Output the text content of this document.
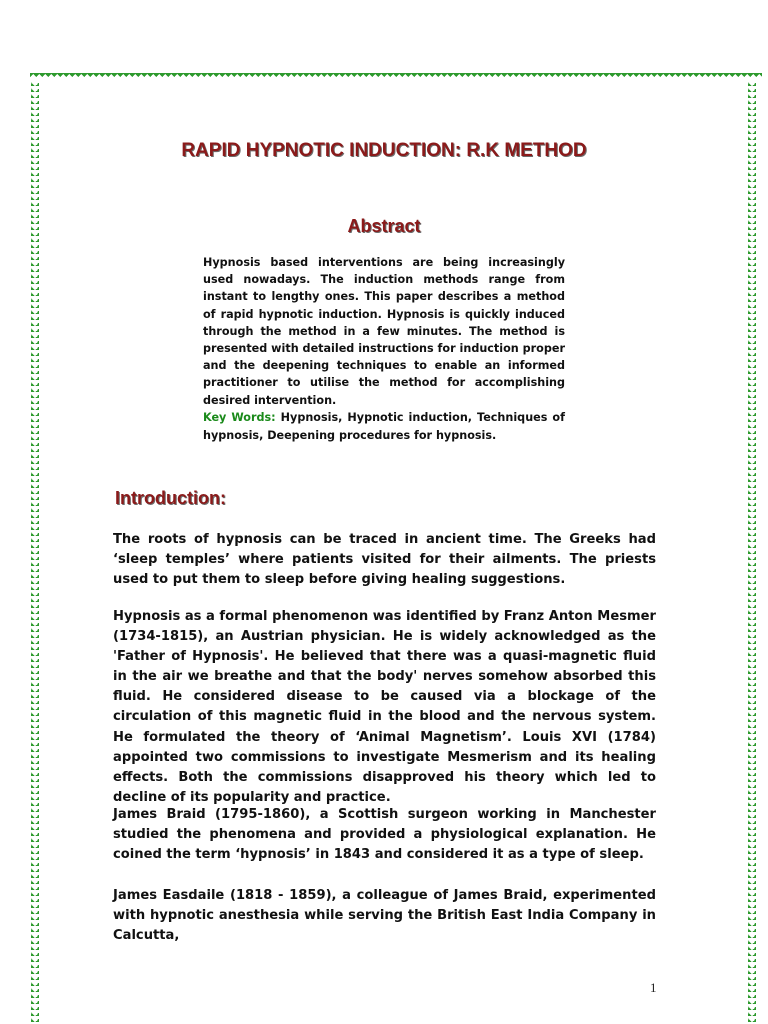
RAPID HYPNOTIC INDUCTION: R.K METHOD
Abstract

Hypnosis based interventions are being increasingly used nowadays. The induction methods range from instant to lengthy ones. This paper describes a method of rapid hypnotic induction. Hypnosis is quickly induced through the method in a few minutes. The method is presented with detailed instructions for induction proper and the deepening techniques to enable an informed practitioner to utilise the method for accomplishing desired intervention.

Key Words: Hypnosis, Hypnotic induction, Techniques of hypnosis, Deepening procedures for hypnosis.

Introduction:

The roots of hypnosis can be traced in ancient time. The Greeks had ‘sleep temples’ where patients visited for their ailments. The priests used to put them to sleep before giving healing suggestions.

Hypnosis as a formal phenomenon was identified by Franz Anton Mesmer (1734-1815), an Austrian physician. He is widely acknowledged as the 'Father of Hypnosis'. He believed that there was a quasi-magnetic fluid in the air we breathe and that the body' nerves somehow absorbed this fluid. He considered disease to be caused via a blockage of the circulation of this magnetic fluid in the blood and the nervous system. He formulated the theory of ‘Animal Magnetism’. Louis XVI (1784) appointed two commissions to investigate Mesmerism and its healing effects. Both the commissions disapproved his theory which led to decline of its popularity and practice.

James Braid (1795-1860), a Scottish surgeon working in Manchester studied the phenomena and provided a physiological explanation. He coined the term ‘hypnosis’ in 1843 and considered it as a type of sleep.

James Easdaile (1818 - 1859), a colleague of James Braid, experimented with hypnotic anesthesia while serving the British East India Company in Calcutta,

1
